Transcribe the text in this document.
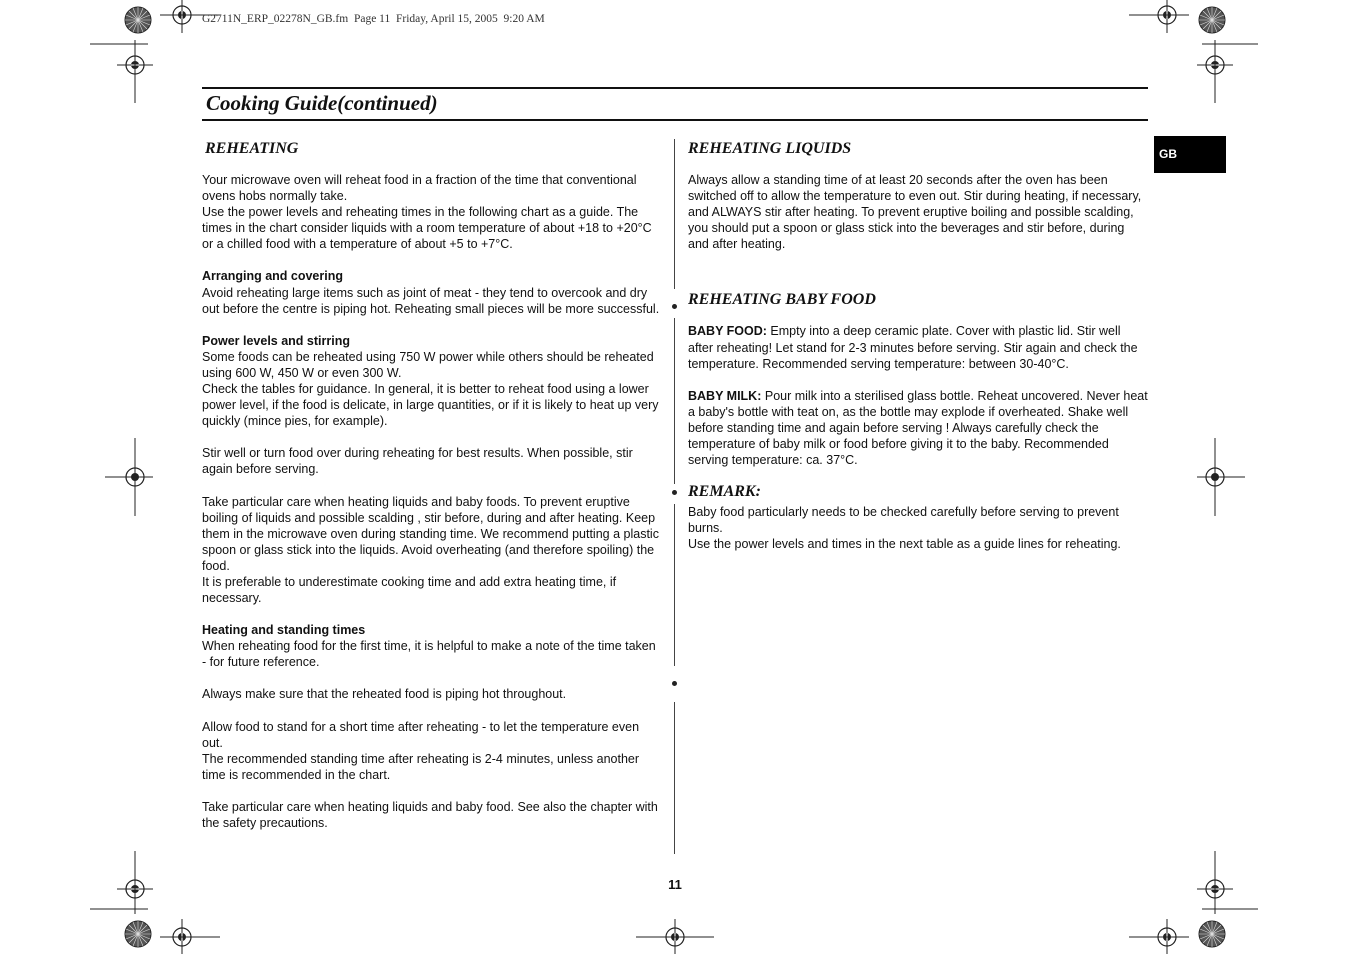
G2711N_ERP_02278N_GB.fm  Page 11  Friday, April 15, 2005  9:20 AM
Cooking Guide(continued)
GB
REHEATING

Your microwave oven will reheat food in a fraction of the time that conventional ovens hobs normally take.

Use the power levels and reheating times in the following chart as a guide. The times in the chart consider liquids with a room temperature of about +18 to +20°C or a chilled food with a temperature of about +5 to +7°C.

Arranging and covering

Avoid reheating large items such as joint of meat - they tend to overcook and dry out before the centre is piping hot. Reheating small pieces will be more successful.

Power levels and stirring

Some foods can be reheated using 750 W power while others should be reheated using 600 W, 450 W or even 300 W.

Check the tables for guidance. In general, it is better to reheat food using a lower power level, if the food is delicate, in large quantities, or if it is likely to heat up very quickly (mince pies, for example).

Stir well or turn food over during reheating for best results. When possible, stir again before serving.

Take particular care when heating liquids and baby foods. To prevent eruptive boiling of liquids and possible scalding , stir before, during and after heating. Keep them in the microwave oven during standing time. We recommend putting a plastic spoon or glass stick into the liquids. Avoid overheating (and therefore spoiling) the food.

It is preferable to underestimate cooking time and add extra heating time, if necessary.

Heating and standing times

When reheating food for the first time, it is helpful to make a note of the time taken - for future reference.

Always make sure that the reheated food is piping hot throughout.

Allow food to stand for a short time after reheating - to let the temperature even out.

The recommended standing time after reheating is 2-4 minutes, unless another time is recommended in the chart.

Take particular care when heating liquids and baby food. See also the chapter with the safety precautions.

REHEATING LIQUIDS

Always allow a standing time of at least 20 seconds after the oven has been switched off to allow the temperature to even out. Stir during heating, if necessary, and ALWAYS stir after heating. To prevent eruptive boiling and possible scalding, you should put a spoon or glass stick into the beverages and stir before, during and after heating.

REHEATING BABY FOOD

BABY FOOD: Empty into a deep ceramic plate. Cover with plastic lid. Stir well after reheating! Let stand for 2-3 minutes before serving. Stir again and check the temperature. Recommended serving temperature: between 30-40°C.

BABY MILK: Pour milk into a sterilised glass bottle. Reheat uncovered. Never heat a baby's bottle with teat on, as the bottle may explode if overheated. Shake well before standing time and again before serving ! Always carefully check the temperature of baby milk or food before giving it to the baby. Recommended serving temperature: ca. 37°C.

REMARK:

Baby food particularly needs to be checked carefully before serving to prevent burns.

Use the power levels and times in the next table as a guide lines for reheating.

11
